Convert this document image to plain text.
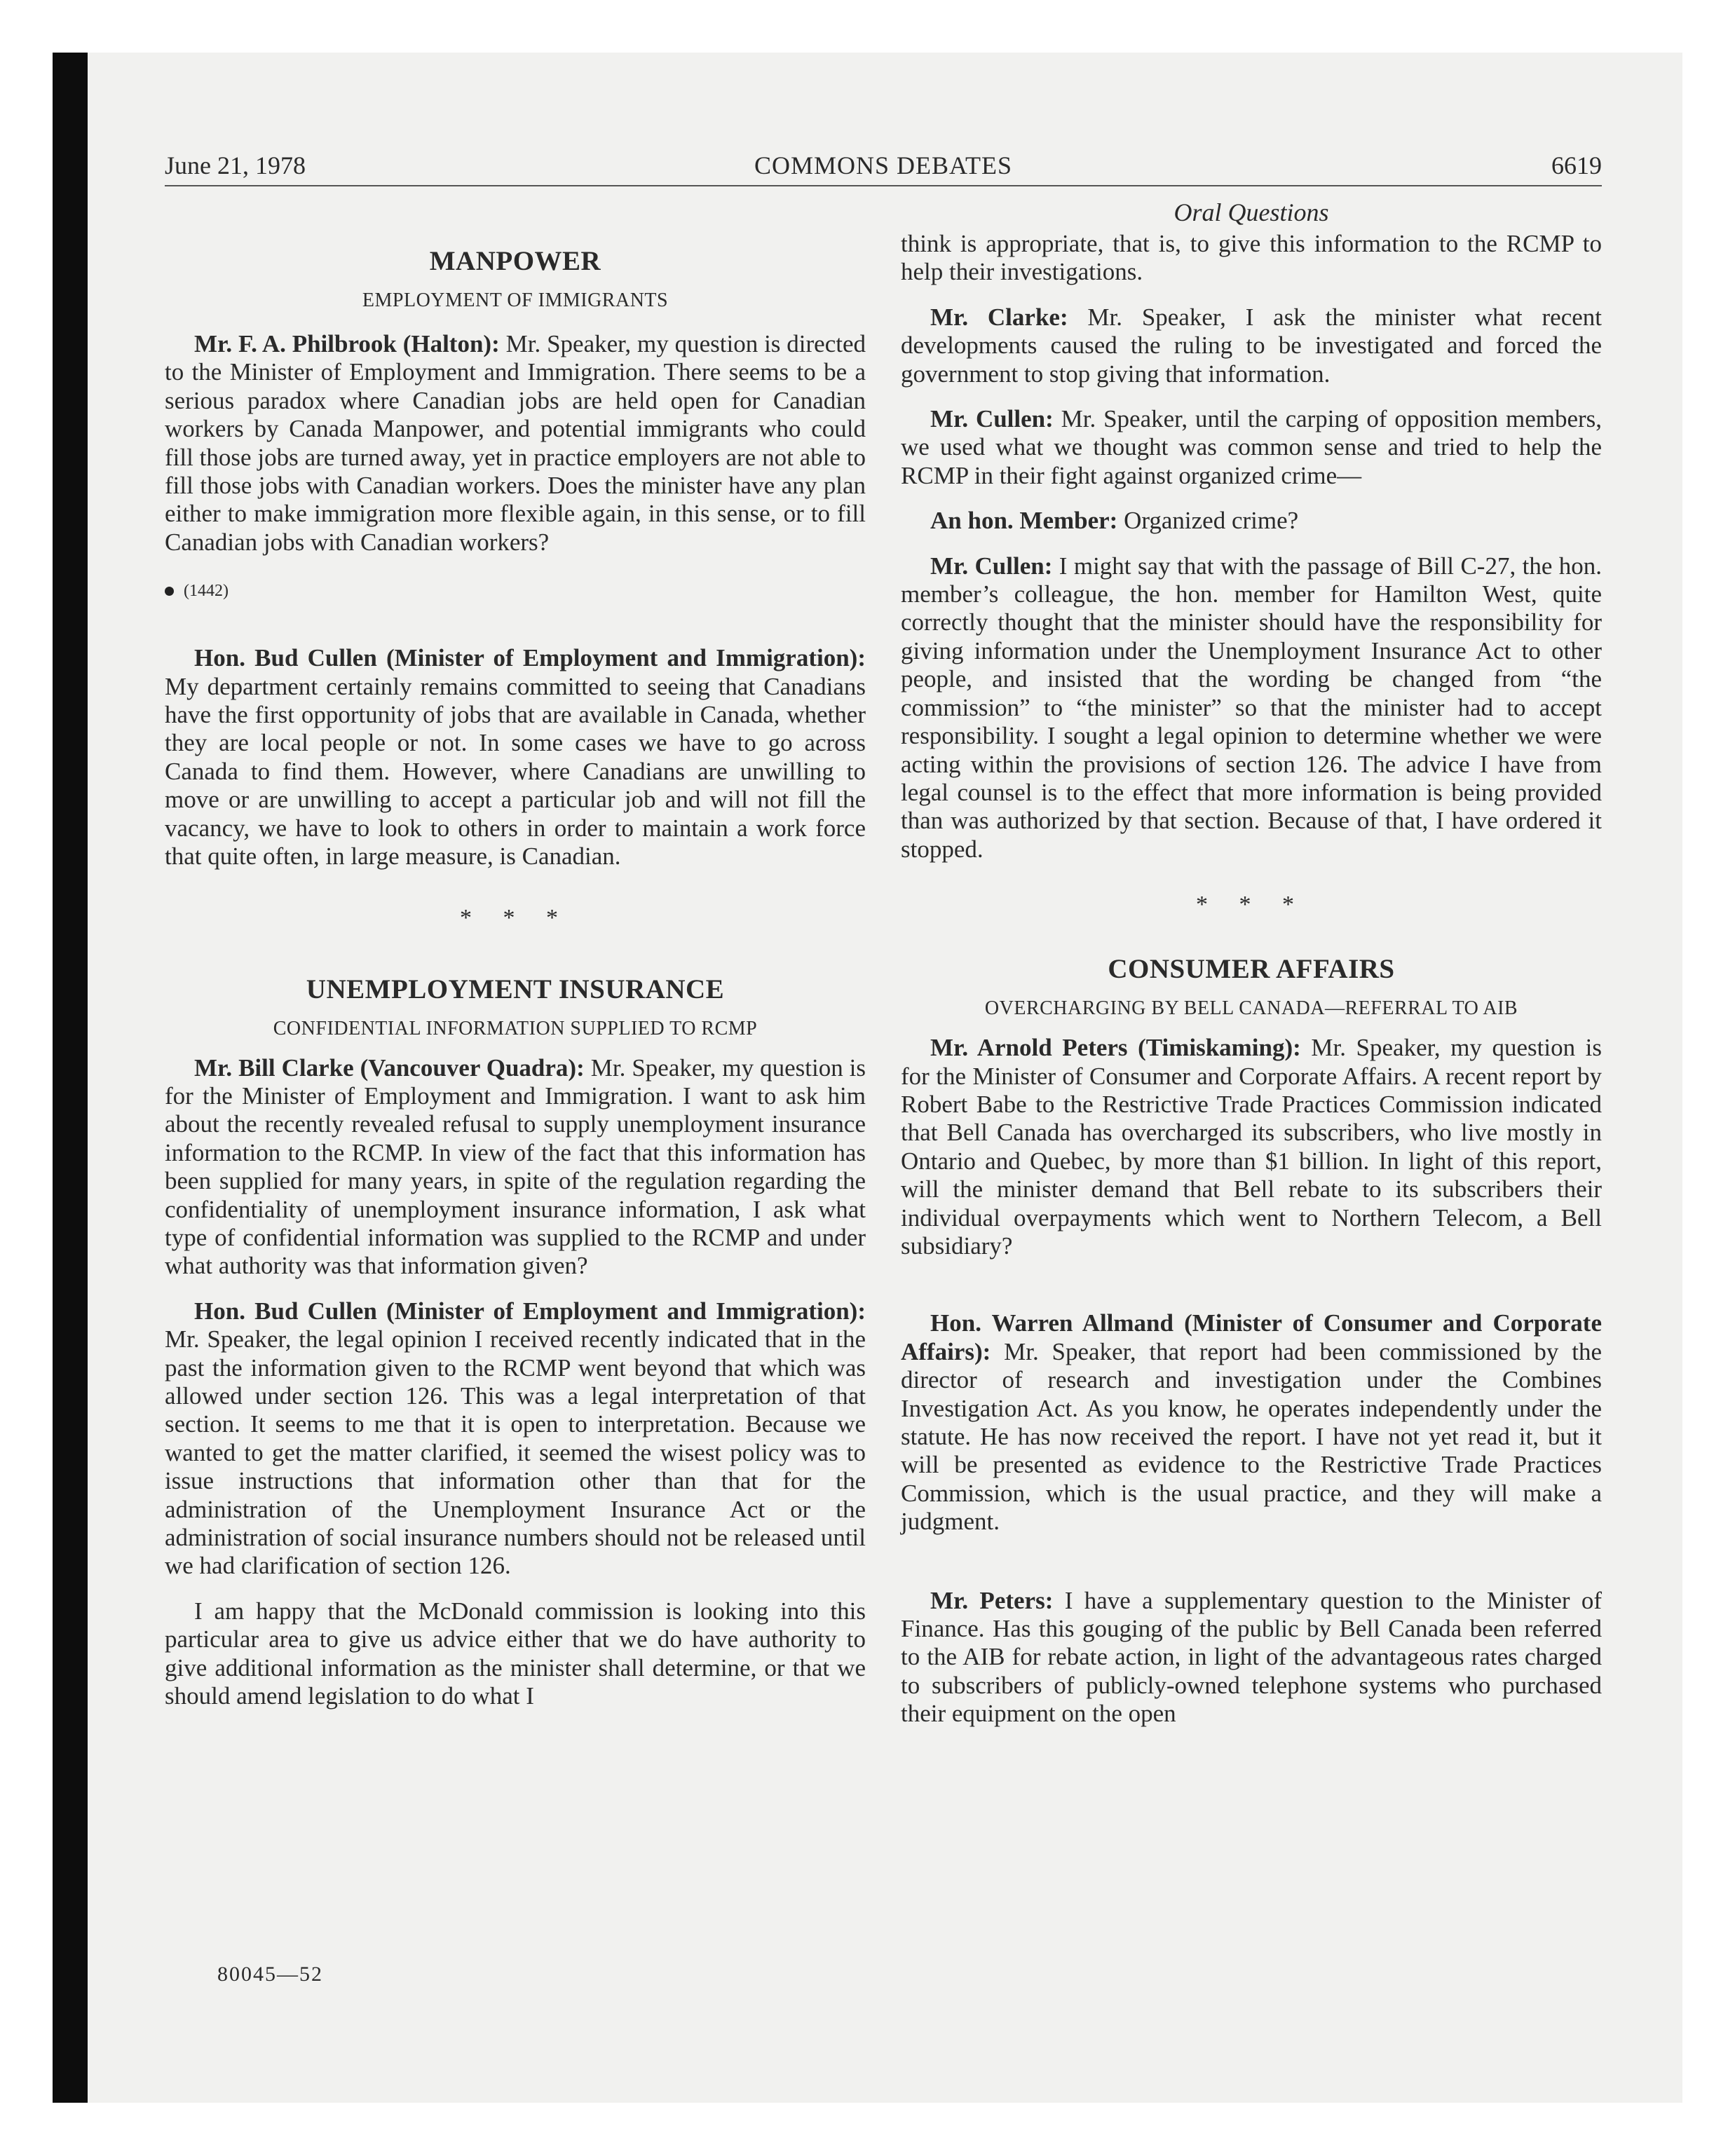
COMMONS DEBATES
June 21, 1978	6619
MANPOWER
EMPLOYMENT OF IMMIGRANTS

Mr. F. A. Philbrook (Halton): Mr. Speaker, my question is directed to the Minister of Employment and Immigration. There seems to be a serious paradox where Canadian jobs are held open for Canadian workers by Canada Manpower, and potential immigrants who could fill those jobs are turned away, yet in practice employers are not able to fill those jobs with Canadian workers. Does the minister have any plan either to make immigration more flexible again, in this sense, or to fill Canadian jobs with Canadian workers?

(1442)

Hon. Bud Cullen (Minister of Employment and Immigration): My department certainly remains committed to seeing that Canadians have the first opportunity of jobs that are available in Canada, whether they are local people or not. In some cases we have to go across Canada to find them. However, where Canadians are unwilling to move or are unwilling to accept a particular job and will not fill the vacancy, we have to look to others in order to maintain a work force that quite often, in large measure, is Canadian.

* * *
UNEMPLOYMENT INSURANCE
CONFIDENTIAL INFORMATION SUPPLIED TO RCMP

Mr. Bill Clarke (Vancouver Quadra): Mr. Speaker, my question is for the Minister of Employment and Immigration. I want to ask him about the recently revealed refusal to supply unemployment insurance information to the RCMP. In view of the fact that this information has been supplied for many years, in spite of the regulation regarding the confidentiality of unemployment insurance information, I ask what type of confidential information was supplied to the RCMP and under what authority was that information given?

Hon. Bud Cullen (Minister of Employment and Immigration): Mr. Speaker, the legal opinion I received recently indicated that in the past the information given to the RCMP went beyond that which was allowed under section 126. This was a legal interpretation of that section. It seems to me that it is open to interpretation. Because we wanted to get the matter clarified, it seemed the wisest policy was to issue instructions that information other than that for the administration of the Unemployment Insurance Act or the administration of social insurance numbers should not be released until we had clarification of section 126.

I am happy that the McDonald commission is looking into this particular area to give us advice either that we do have authority to give additional information as the minister shall determine, or that we should amend legislation to do what I

Oral Questions

think is appropriate, that is, to give this information to the RCMP to help their investigations.

Mr. Clarke: Mr. Speaker, I ask the minister what recent developments caused the ruling to be investigated and forced the government to stop giving that information.

Mr. Cullen: Mr. Speaker, until the carping of opposition members, we used what we thought was common sense and tried to help the RCMP in their fight against organized crime—

An hon. Member: Organized crime?

Mr. Cullen: I might say that with the passage of Bill C-27, the hon. member’s colleague, the hon. member for Hamilton West, quite correctly thought that the minister should have the responsibility for giving information under the Unemployment Insurance Act to other people, and insisted that the wording be changed from “the commission” to “the minister” so that the minister had to accept responsibility. I sought a legal opinion to determine whether we were acting within the provisions of section 126. The advice I have from legal counsel is to the effect that more information is being provided than was authorized by that section. Because of that, I have ordered it stopped.

* * *
CONSUMER AFFAIRS
OVERCHARGING BY BELL CANADA—REFERRAL TO AIB

Mr. Arnold Peters (Timiskaming): Mr. Speaker, my question is for the Minister of Consumer and Corporate Affairs. A recent report by Robert Babe to the Restrictive Trade Practices Commission indicated that Bell Canada has overcharged its subscribers, who live mostly in Ontario and Quebec, by more than $1 billion. In light of this report, will the minister demand that Bell rebate to its subscribers their individual overpayments which went to Northern Telecom, a Bell subsidiary?

Hon. Warren Allmand (Minister of Consumer and Corporate Affairs): Mr. Speaker, that report had been commissioned by the director of research and investigation under the Combines Investigation Act. As you know, he operates independently under the statute. He has now received the report. I have not yet read it, but it will be presented as evidence to the Restrictive Trade Practices Commission, which is the usual practice, and they will make a judgment.

Mr. Peters: I have a supplementary question to the Minister of Finance. Has this gouging of the public by Bell Canada been referred to the AIB for rebate action, in light of the advantageous rates charged to subscribers of publicly-owned telephone systems who purchased their equipment on the open

80045—52
